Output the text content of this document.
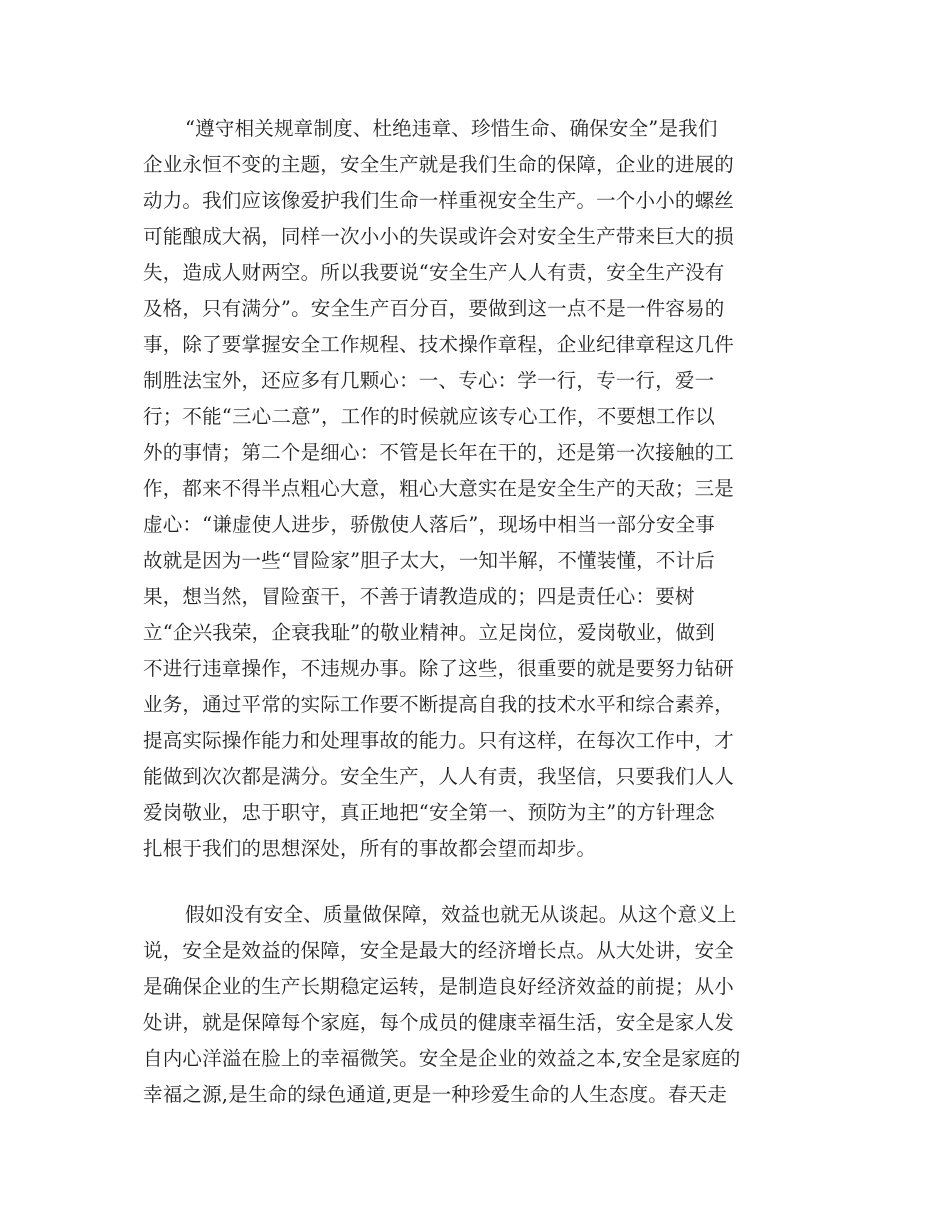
“遵守相关规章制度、杜绝违章、珍惜生命、确保安全”是我们

企业永恒不变的主题，安全生产就是我们生命的保障，企业的进展的

动力。我们应该像爱护我们生命一样重视安全生产。一个小小的螺丝

可能酿成大祸，同样一次小小的失误或许会对安全生产带来巨大的损

失，造成人财两空。所以我要说“安全生产人人有责，安全生产没有

及格，只有满分”。安全生产百分百，要做到这一点不是一件容易的

事，除了要掌握安全工作规程、技术操作章程，企业纪律章程这几件

制胜法宝外，还应多有几颗心：一、专心：学一行，专一行，爱一

行；不能“三心二意”，工作的时候就应该专心工作，不要想工作以

外的事情；第二个是细心：不管是长年在干的，还是第一次接触的工

作，都来不得半点粗心大意，粗心大意实在是安全生产的天敌；三是

虚心：“谦虚使人进步，骄傲使人落后”，现场中相当一部分安全事

故就是因为一些“冒险家”胆子太大，一知半解，不懂装懂，不计后

果，想当然，冒险蛮干，不善于请教造成的；四是责任心：要树

立“企兴我荣，企衰我耻”的敬业精神。立足岗位，爱岗敬业，做到

不进行违章操作，不违规办事。除了这些，很重要的就是要努力钻研

业务，通过平常的实际工作要不断提高自我的技术水平和综合素养，

提高实际操作能力和处理事故的能力。只有这样，在每次工作中，才

能做到次次都是满分。安全生产，人人有责，我坚信，只要我们人人

爱岗敬业，忠于职守，真正地把“安全第一、预防为主”的方针理念

扎根于我们的思想深处，所有的事故都会望而却步。

假如没有安全、质量做保障，效益也就无从谈起。从这个意义上

说，安全是效益的保障，安全是最大的经济增长点。从大处讲，安全

是确保企业的生产长期稳定运转，是制造良好经济效益的前提；从小

处讲，就是保障每个家庭，每个成员的健康幸福生活，安全是家人发

自内心洋溢在脸上的幸福微笑。安全是企业的效益之本,安全是家庭的

幸福之源,是生命的绿色通道,更是一种珍爱生命的人生态度。春天走
